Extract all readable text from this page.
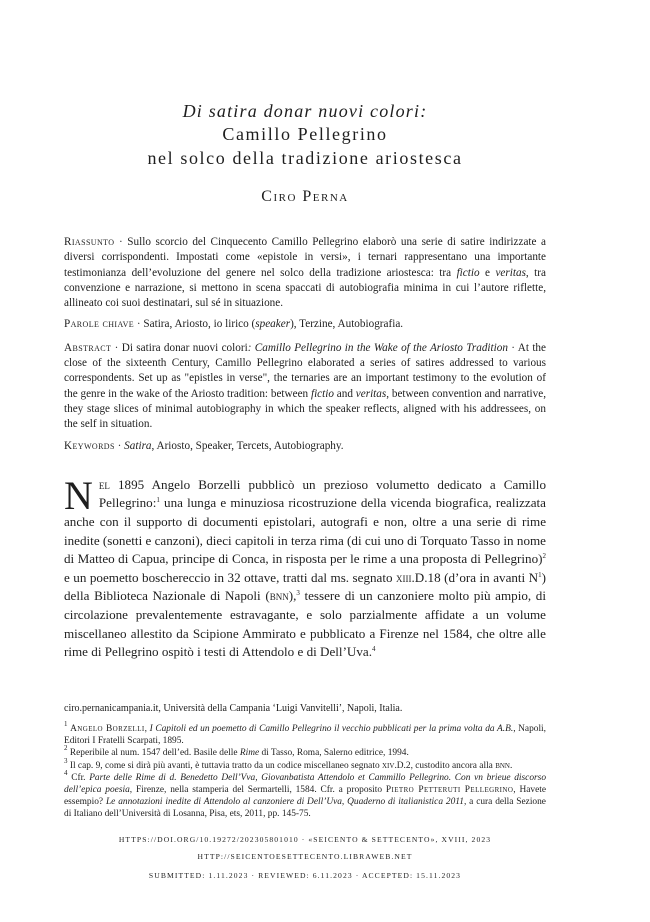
Di satira donar nuovi colori:
Camillo Pellegrino
nel solco della tradizione ariostesca
Ciro Perna

Riassunto · Sullo scorcio del Cinquecento Camillo Pellegrino elaborò una serie di satire indirizzate a diversi corrispondenti. Impostati come «epistole in versi», i ternari rappresentano una importante testimonianza dell’evoluzione del genere nel solco della tradizione ariostesca: tra fictio e veritas, tra convenzione e narrazione, si mettono in scena spaccati di autobiografia minima in cui l’autore riflette, allineato coi suoi destinatari, sul sé in situazione.

Parole chiave · Satira, Ariosto, io lirico (speaker), Terzine, Autobiografia.

Abstract · Di satira donar nuovi colori: Camillo Pellegrino in the Wake of the Ariosto Tradition · At the close of the sixteenth Century, Camillo Pellegrino elaborated a series of satires addressed to various correspondents. Set up as "epistles in verse", the ternaries are an important testimony to the evolution of the genre in the wake of the Ariosto tradition: between fictio and veritas, between convention and narrative, they stage slices of minimal autobiography in which the speaker reflects, aligned with his addressees, on the self in situation.

Keywords · Satira, Ariosto, Speaker, Tercets, Autobiography.

Nel 1895 Angelo Borzelli pubblicò un prezioso volumetto dedicato a Camillo Pellegrino:$^1$ una lunga e minuziosa ricostruzione della vicenda biografica, realizzata anche con il supporto di documenti epistolari, autografi e non, oltre a una serie di rime inedite (sonetti e canzoni), dieci capitoli in terza rima (di cui uno di Torquato Tasso in nome di Matteo di Capua, principe di Conca, in risposta per le rime a una proposta di Pellegrino)$^2$ e un poemetto boschereccio in 32 ottave, tratti dal ms. segnato xiii.D.18 (d’ora in avanti $N^1$) della Biblioteca Nazionale di Napoli (bnn),$^3$ tessere di un canzoniere molto più ampio, di circolazione prevalentemente estravagante, e solo parzialmente affidate a un volume miscellaneo allestito da Scipione Ammirato e pubblicato a Firenze nel 1584, che oltre alle rime di Pellegrino ospitò i testi di Attendolo e di Dell’Uva.$^4$

ciro.pernanicampania.it, Università della Campania ‘Luigi Vanvitelli’, Napoli, Italia.

$^1$ Angelo Borzelli, I Capitoli ed un poemetto di Camillo Pellegrino il vecchio pubblicati per la prima volta da A.B., Napoli, Editori I Fratelli Scarpati, 1895.

$^2$ Reperibile al num. 1547 dell’ed. Basile delle Rime di Tasso, Roma, Salerno editrice, 1994.

$^3$ Il cap. 9, come si dirà più avanti, è tuttavia tratto da un codice miscellaneo segnato xiv.D.2, custodito ancora alla bnn.

$^4$ Cfr. Parte delle Rime di d. Benedetto Dell’Vva, Giovanbatista Attendolo et Cammillo Pellegrino. Con vn brieue discorso dell’epica poesia, Firenze, nella stamperia del Sermartelli, 1584. Cfr. a proposito Pietro Petteruti Pellegrino, Havete essempio? Le annotazioni inedite di Attendolo al canzoniere di Dell’Uva, Quaderno di italianistica 2011, a cura della Sezione di Italiano dell’Università di Losanna, Pisa, ets, 2011, pp. 145-75.

HTTPS://DOI.ORG/10.19272/202305801010 · «SEICENTO & SETTECENTO», XVIII, 2023
HTTP://SEICENTOESETTECENTO.LIBRAWEB.NET
SUBMITTED: 1.11.2023 · REVIEWED: 6.11.2023 · ACCEPTED: 15.11.2023
